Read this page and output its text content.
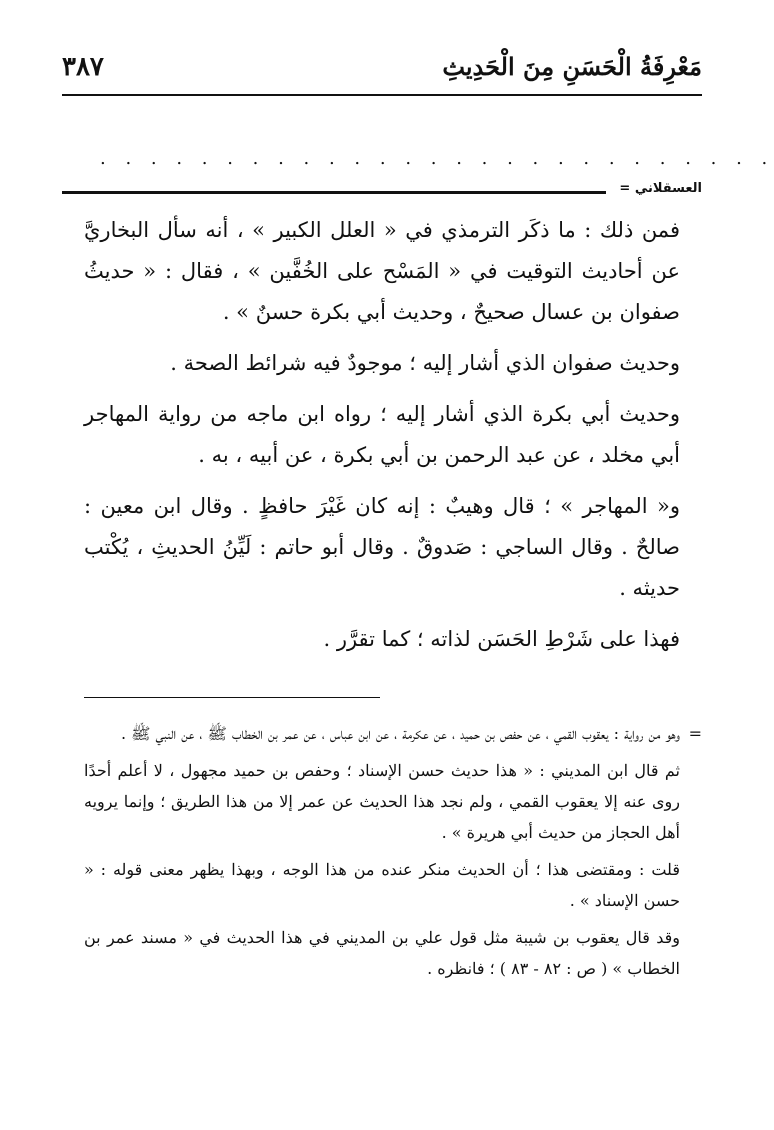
مَعْرِفَةُ الْحَسَنِ مِنَ الْحَدِيثِ
٣٨٧
. . . . . . . . . . . . . . . . . . . . . . . . . . .
العسقلاني =

فمن ذلك : ما ذكَر الترمذي في « العلل الكبير » ، أنه سأل البخاريَّ عن أحاديث التوقيت في « المَسْح على الخُفَّين » ، فقال : « حديثُ صفوان بن عسال صحيحٌ ، وحديث أبي بكرة حسنٌ » .

وحديث صفوان الذي أشار إليه ؛ موجودٌ فيه شرائط الصحة .

وحديث أبي بكرة الذي أشار إليه ؛ رواه ابن ماجه من رواية المهاجر أبي مخلد ، عن عبد الرحمن بن أبي بكرة ، عن أبيه ، به .

و« المهاجر » ؛ قال وهيبٌ : إنه كان غَيْرَ حافظٍ . وقال ابن معين : صالحٌ . وقال الساجي : صَدوقٌ . وقال أبو حاتم : لَيِّنُ الحديثِ ، يُكْتب حديثه .

فهذا على شَرْطِ الحَسَن لذاته ؛ كما تقرَّر .

=

وهو من رواية : يعقوب القمي ، عن حفص بن حميد ، عن عكرمة ، عن ابن عباس ، عن عمر بن الخطاب ﷺ ، عن النبي ﷺ .

ثم قال ابن المديني : « هذا حديث حسن الإسناد ؛ وحفص بن حميد مجهول ، لا أعلم أحدًا روى عنه إلا يعقوب القمي ، ولم نجد هذا الحديث عن عمر إلا من هذا الطريق ؛ وإنما يرويه أهل الحجاز من حديث أبي هريرة » .

قلت : ومقتضى هذا ؛ أن الحديث منكر عنده من هذا الوجه ، وبهذا يظهر معنى قوله : « حسن الإسناد » .

وقد قال يعقوب بن شيبة مثل قول علي بن المديني في هذا الحديث في « مسند عمر بن الخطاب » ( ص : ٨٢ - ٨٣ ) ؛ فانظره .
